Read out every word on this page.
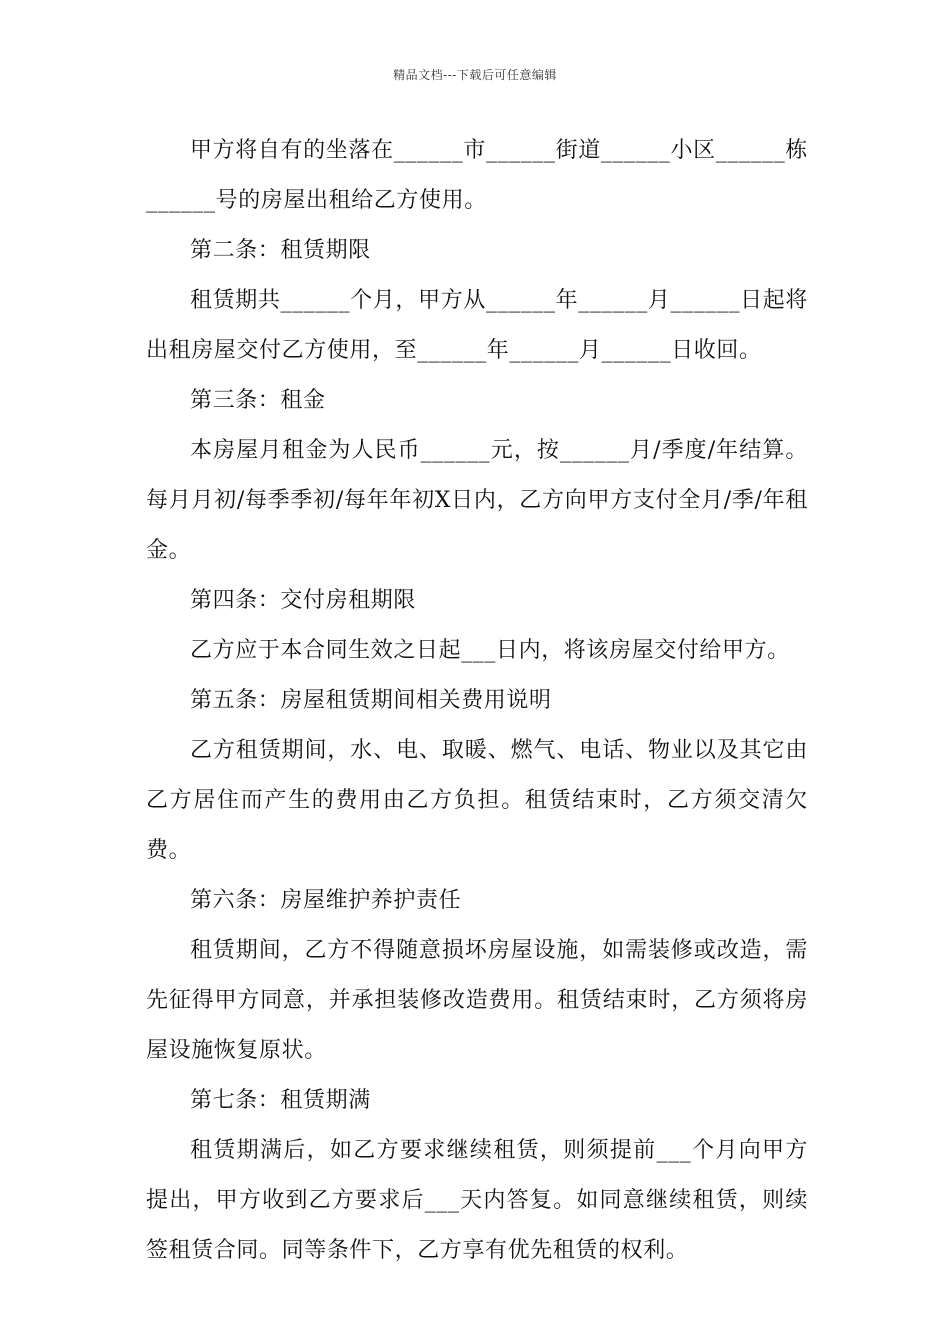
精品文档---下载后可任意编辑

甲方将自有的坐落在______市______街道______小区______栋______号的房屋出租给乙方使用。

第二条：租赁期限

租赁期共______个月，甲方从______年______月______日起将出租房屋交付乙方使用，至______年______月______日收回。

第三条：租金

本房屋月租金为人民币______元，按______月/季度/年结算。每月月初/每季季初/每年年初X日内，乙方向甲方支付全月/季/年租金。

第四条：交付房租期限

乙方应于本合同生效之日起___日内，将该房屋交付给甲方。

第五条：房屋租赁期间相关费用说明

乙方租赁期间，水、电、取暖、燃气、电话、物业以及其它由乙方居住而产生的费用由乙方负担。租赁结束时，乙方须交清欠费。

第六条：房屋维护养护责任

租赁期间，乙方不得随意损坏房屋设施，如需装修或改造，需先征得甲方同意，并承担装修改造费用。租赁结束时，乙方须将房屋设施恢复原状。

第七条：租赁期满

租赁期满后，如乙方要求继续租赁，则须提前___个月向甲方提出，甲方收到乙方要求后___天内答复。如同意继续租赁，则续签租赁合同。同等条件下，乙方享有优先租赁的权利。
